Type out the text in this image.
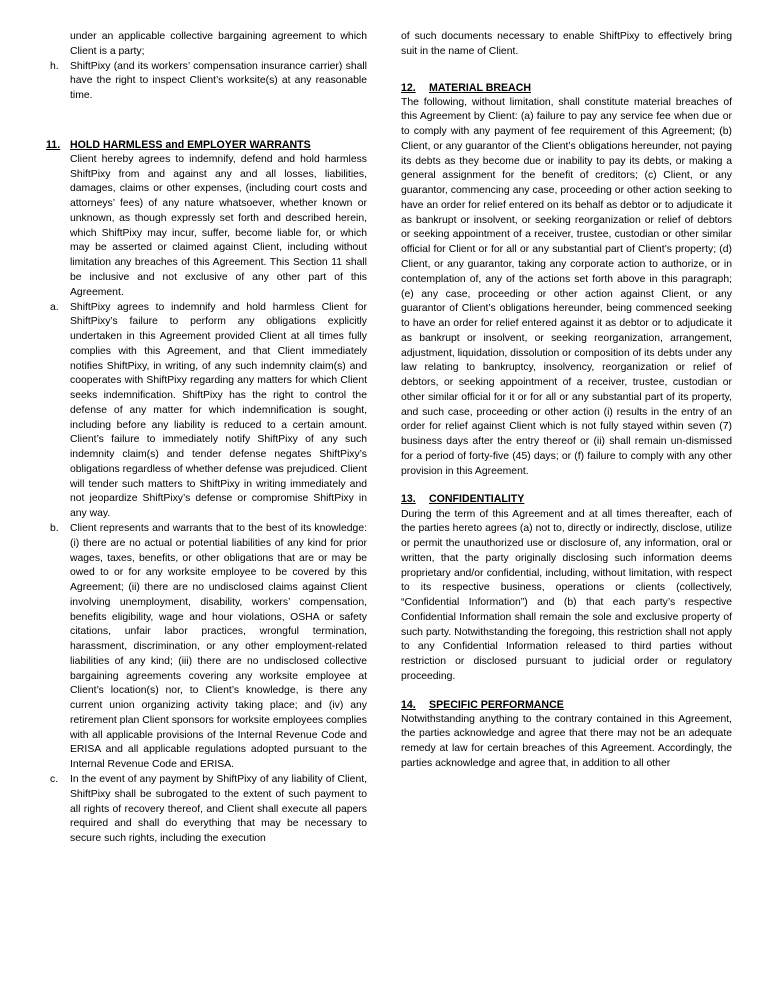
under an applicable collective bargaining agreement to which Client is a party;
h.	ShiftPixy (and its workers’ compensation insurance carrier) shall have the right to inspect Client’s worksite(s) at any reasonable time.
11. HOLD HARMLESS and EMPLOYER WARRANTS
Client hereby agrees to indemnify, defend and hold harmless ShiftPixy from and against any and all losses, liabilities, damages, claims or other expenses, (including court costs and attorneys’ fees) of any nature whatsoever, whether known or unknown, as though expressly set forth and described herein, which ShiftPixy may incur, suffer, become liable for, or which may be asserted or claimed against Client, including without limitation any breaches of this Agreement. This Section 11 shall be inclusive and not exclusive of any other part of this Agreement.
a.	ShiftPixy agrees to indemnify and hold harmless Client for ShiftPixy’s failure to perform any obligations explicitly undertaken in this Agreement provided Client at all times fully complies with this Agreement, and that Client immediately notifies ShiftPixy, in writing, of any such indemnity claim(s) and cooperates with ShiftPixy regarding any matters for which Client seeks indemnification. ShiftPixy has the right to control the defense of any matter for which indemnification is sought, including before any liability is reduced to a certain amount. Client’s failure to immediately notify ShiftPixy of any such indemnity claim(s) and tender defense negates ShiftPixy’s obligations regardless of whether defense was prejudiced. Client will tender such matters to ShiftPixy in writing immediately and not jeopardize ShiftPixy’s defense or compromise ShiftPixy in any way.
b.	Client represents and warrants that to the best of its knowledge: (i) there are no actual or potential liabilities of any kind for prior wages, taxes, benefits, or other obligations that are or may be owed to or for any worksite employee to be covered by this Agreement; (ii) there are no undisclosed claims against Client involving unemployment, disability, workers’ compensation, benefits eligibility, wage and hour violations, OSHA or safety citations, unfair labor practices, wrongful termination, harassment, discrimination, or any other employment-related liabilities of any kind; (iii) there are no undisclosed collective bargaining agreements covering any worksite employee at Client’s location(s) nor, to Client’s knowledge, is there any current union organizing activity taking place; and (iv) any retirement plan Client sponsors for worksite employees complies with all applicable provisions of the Internal Revenue Code and ERISA and all applicable regulations adopted pursuant to the Internal Revenue Code and ERISA.
c.	In the event of any payment by ShiftPixy of any liability of Client, ShiftPixy shall be subrogated to the extent of such payment to all rights of recovery thereof, and Client shall execute all papers required and shall do everything that may be necessary to secure such rights, including the execution
of such documents necessary to enable ShiftPixy to effectively bring suit in the name of Client.
12. MATERIAL BREACH
The following, without limitation, shall constitute material breaches of this Agreement by Client: (a) failure to pay any service fee when due or to comply with any payment of fee requirement of this Agreement; (b) Client, or any guarantor of the Client’s obligations hereunder, not paying its debts as they become due or inability to pay its debts, or making a general assignment for the benefit of creditors; (c) Client, or any guarantor, commencing any case, proceeding or other action seeking to have an order for relief entered on its behalf as debtor or to adjudicate it as bankrupt or insolvent, or seeking reorganization or relief of debtors or seeking appointment of a receiver, trustee, custodian or other similar official for Client or for all or any substantial part of Client’s property; (d) Client, or any guarantor, taking any corporate action to authorize, or in contemplation of, any of the actions set forth above in this paragraph; (e) any case, proceeding or other action against Client, or any guarantor of Client’s obligations hereunder, being commenced seeking to have an order for relief entered against it as debtor or to adjudicate it as bankrupt or insolvent, or seeking reorganization, arrangement, adjustment, liquidation, dissolution or composition of its debts under any law relating to bankruptcy, insolvency, reorganization or relief of debtors, or seeking appointment of a receiver, trustee, custodian or other similar official for it or for all or any substantial part of its property, and such case, proceeding or other action (i) results in the entry of an order for relief against Client which is not fully stayed within seven (7) business days after the entry thereof or (ii) shall remain un-dismissed for a period of forty-five (45) days; or (f) failure to comply with any other provision in this Agreement.
13. CONFIDENTIALITY
During the term of this Agreement and at all times thereafter, each of the parties hereto agrees (a) not to, directly or indirectly, disclose, utilize or permit the unauthorized use or disclosure of, any information, oral or written, that the party originally disclosing such information deems proprietary and/or confidential, including, without limitation, with respect to its respective business, operations or clients (collectively, “Confidential Information”) and (b) that each party’s respective Confidential Information shall remain the sole and exclusive property of such party. Notwithstanding the foregoing, this restriction shall not apply to any Confidential Information released to third parties without restriction or disclosed pursuant to judicial order or regulatory proceeding.
14. SPECIFIC PERFORMANCE
Notwithstanding anything to the contrary contained in this Agreement, the parties acknowledge and agree that there may not be an adequate remedy at law for certain breaches of this Agreement. Accordingly, the parties acknowledge and agree that, in addition to all other
